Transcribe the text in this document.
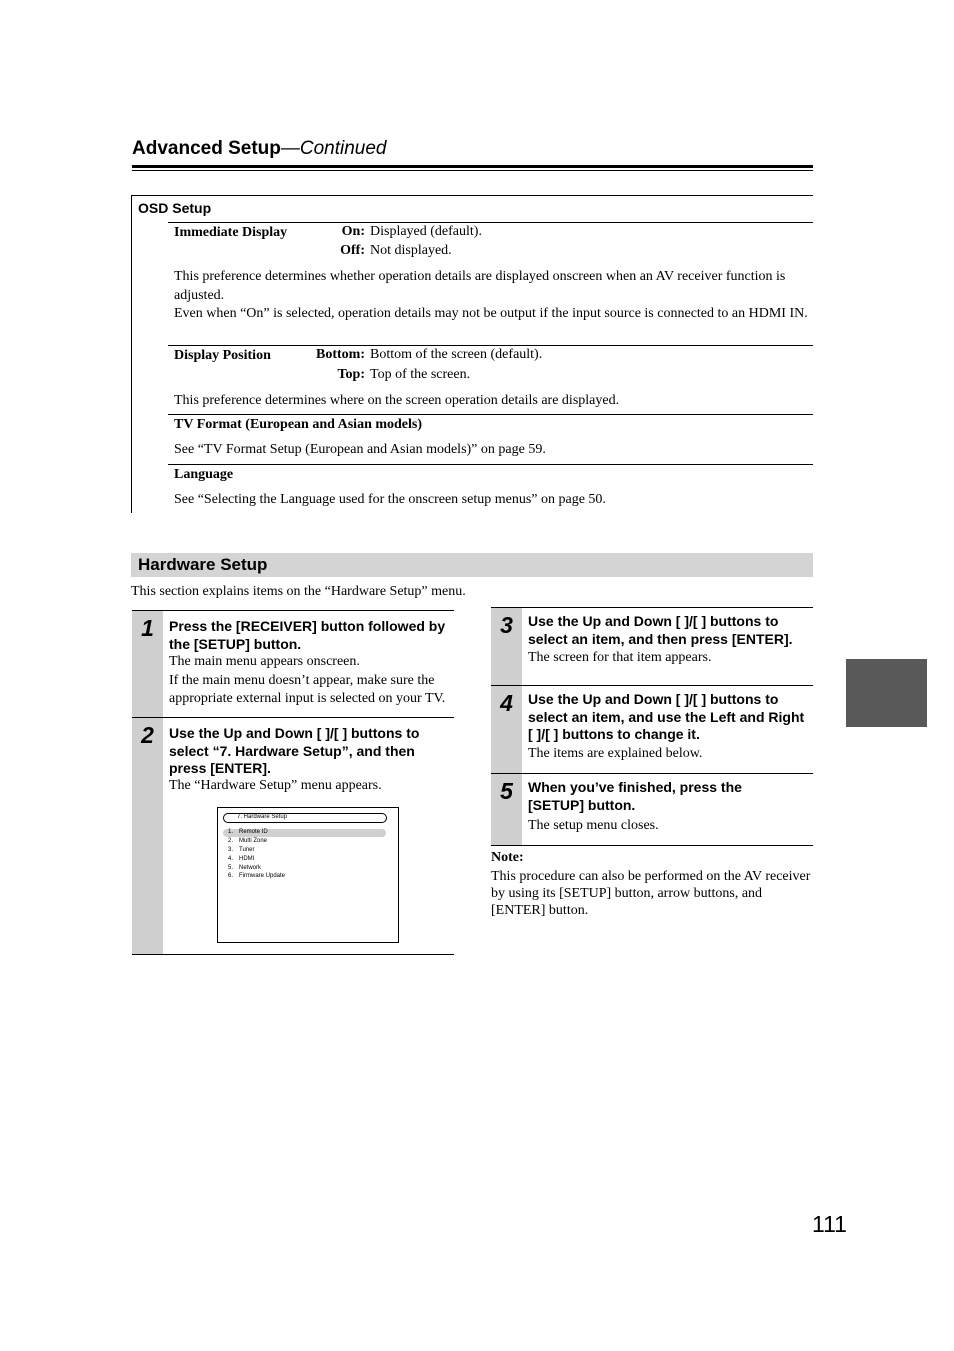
Advanced Setup—Continued
OSD Setup
Immediate Display	On: Displayed (default).
Off: Not displayed.
This preference determines whether operation details are displayed onscreen when an AV receiver function is adjusted.
Even when “On” is selected, operation details may not be output if the input source is connected to an HDMI IN.
Display Position	Bottom: Bottom of the screen (default).
Top: Top of the screen.
This preference determines where on the screen operation details are displayed.
TV Format (European and Asian models)
See “TV Format Setup (European and Asian models)” on page 59.
Language
See “Selecting the Language used for the onscreen setup menus” on page 50.
Hardware Setup
This section explains items on the “Hardware Setup” menu.
1	Press the [RECEIVER] button followed by
the [SETUP] button.
The main menu appears onscreen.
If the main menu doesn’t appear, make sure the
appropriate external input is selected on your TV.
2	Use the Up and Down [ ]/[ ] buttons to
select “7. Hardware Setup”, and then
press [ENTER].
The “Hardware Setup” menu appears.
7. Hardware Setup
1. Remote ID
2. Multi Zone
3. Tuner
4. HDMI
5. Network
6. Firmware Update
3	Use the Up and Down [ ]/[ ] buttons to
select an item, and then press [ENTER].
The screen for that item appears.
4	Use the Up and Down [ ]/[ ] buttons to
select an item, and use the Left and Right
[ ]/[ ] buttons to change it.
The items are explained below.
5	When you’ve finished, press the
[SETUP] button.
The setup menu closes.
Note:
This procedure can also be performed on the AV receiver
by using its [SETUP] button, arrow buttons, and
[ENTER] button.
111
